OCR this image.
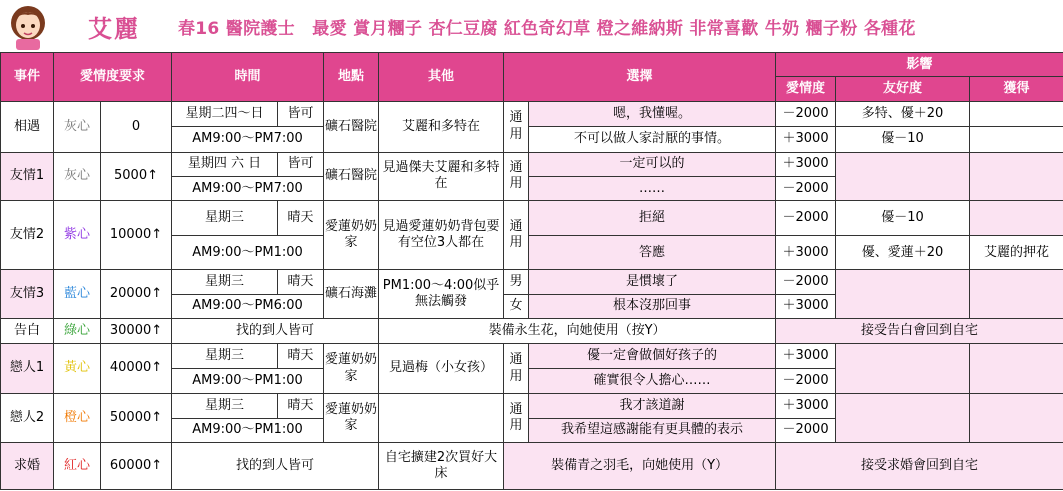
艾麗 春16 醫院護士　最愛 賞月糰子 杏仁豆腐 紅色奇幻草 橙之維納斯 非常喜歡 牛奶 糰子粉 各種花
事件	愛情度要求		時間		地點	其他	選擇		影響		
									愛情度	友好度	獲得
相遇	灰心	0	星期二四～日	皆可	礦石醫院	艾麗和多特在	通用	嗯，我懂喔。	－2000	多特、優＋20	
			AM9:00～PM7:00					不可以做人家討厭的事情。	＋3000	優－10	
友情1	灰心	5000↑	星期四 六 日	皆可	礦石醫院	見過傑夫艾麗和多特在	通用	一定可以的	＋3000		
			AM9:00～PM7:00					……	－2000		
友情2	紫心	10000↑	星期三	晴天	愛蓮奶奶家	見過愛蓮奶奶背包要有空位3人都在	通用	拒絕	－2000	優－10	
			AM9:00～PM1:00					答應	＋3000	優、愛蓮＋20	艾麗的押花
友情3	藍心	20000↑	星期三	晴天	礦石海灘	PM1:00～4:00似乎無法觸發	男	是慣壞了	－2000		
			AM9:00～PM6:00				女	根本沒那回事	＋3000		
告白	綠心	30000↑	找的到人皆可			裝備永生花，向她使用（按Y）			接受告白會回到自宅		
戀人1	黃心	40000↑	星期三	晴天	愛蓮奶奶家	見過梅（小女孩）	通用	優一定會做個好孩子的	＋3000		
			AM9:00～PM1:00					確實很令人擔心……	－2000		
戀人2	橙心	50000↑	星期三	晴天	愛蓮奶奶家		通用	我才該道謝	＋3000		
			AM9:00～PM1:00					我希望這感謝能有更具體的表示	－2000		
求婚	紅心	60000↑	找的到人皆可			自宅擴建2次買好大床	裝備青之羽毛，向她使用（Y）		接受求婚會回到自宅		
